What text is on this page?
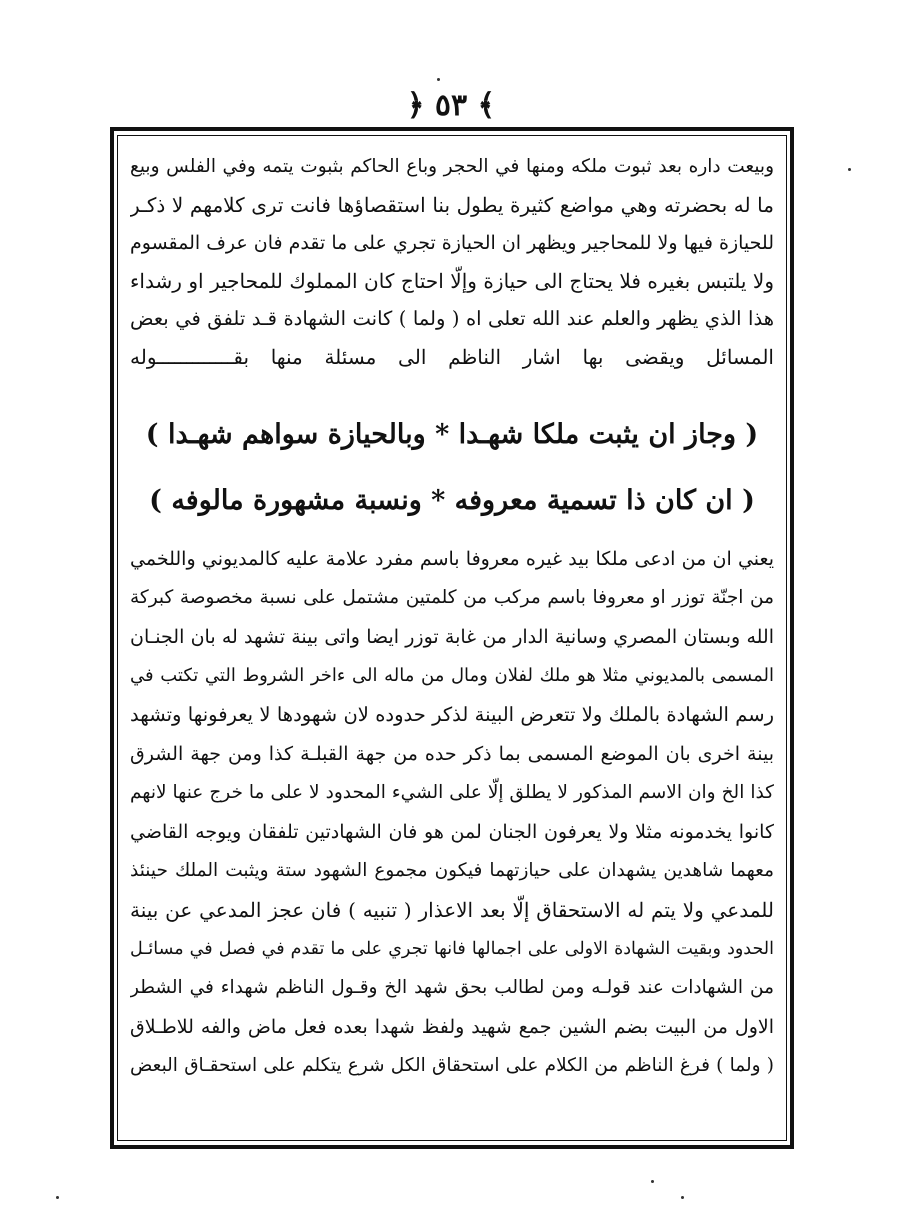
﴿ ٥٣ ﴾
وبيعت داره بعد ثبوت ملكه ومنها في الحجر وباع الحاكم بثبوت يتمه وفي الفلس وبيع
ما له بحضرته وهي مواضع كثيرة يطول بنا استقصاؤها فانت ترى كلامهم لا ذكـر
للحيازة فيها ولا للمحاجير ويظهر ان الحيازة تجري على ما تقدم فان عرف المقسوم
ولا يلتبس بغيره فلا يحتاج الى حيازة وإلّا احتاج كان المملوك للمحاجير او رشداء
هذا الذي يظهر والعلم عند الله تعلى اه ( ولما ) كانت الشهادة قـد تلفق في بعض
المسائل ويقضى بها اشار الناظم الى مسئلة منها بقـــــــــــــوله
( وجاز ان يثبت ملكا شهـدا * وبالحيازة سواهم شهـدا )
( ان كان ذا تسمية معروفه * ونسبة مشهورة مالوفه )
يعني ان من ادعى ملكا بيد غيره معروفا باسم مفرد علامة عليه كالمديوني واللخمي
من اجنّة توزر او معروفا باسم مركب من كلمتين مشتمل على نسبة مخصوصة كبركة
الله وبستان المصري وسانية الدار من غابة توزر ايضا واتى بينة تشهد له بان الجنـان
المسمى بالمديوني مثلا هو ملك لفلان ومال من ماله الى ءاخر الشروط التي تكتب في
رسم الشهادة بالملك ولا تتعرض البينة لذكر حدوده لان شهودها لا يعرفونها وتشهد
بينة اخرى بان الموضع المسمى بما ذكر حده من جهة القبلـة كذا ومن جهة الشرق
كذا الخ وان الاسم المذكور لا يطلق إلّا على الشيء المحدود لا على ما خرج عنها لانهم
كانوا يخدمونه مثلا ولا يعرفون الجنان لمن هو فان الشهادتين تلفقان ويوجه القاضي
معهما شاهدين يشهدان على حيازتهما فيكون مجموع الشهود ستة ويثبت الملك حينئذ
للمدعي ولا يتم له الاستحقاق إلّا بعد الاعذار ( تنبيه ) فان عجز المدعي عن بينة
الحدود وبقيت الشهادة الاولى على اجمالها فانها تجري على ما تقدم في فصل في مسائـل
من الشهادات عند قولـه ومن لطالب بحق شهد الخ وقـول الناظم شهداء في الشطر
الاول من البيت بضم الشين جمع شهيد ولفظ شهدا بعده فعل ماض والفه للاطـلاق
( ولما ) فرغ الناظم من الكلام على استحقاق الكل شرع يتكلم على استحقـاق البعض
